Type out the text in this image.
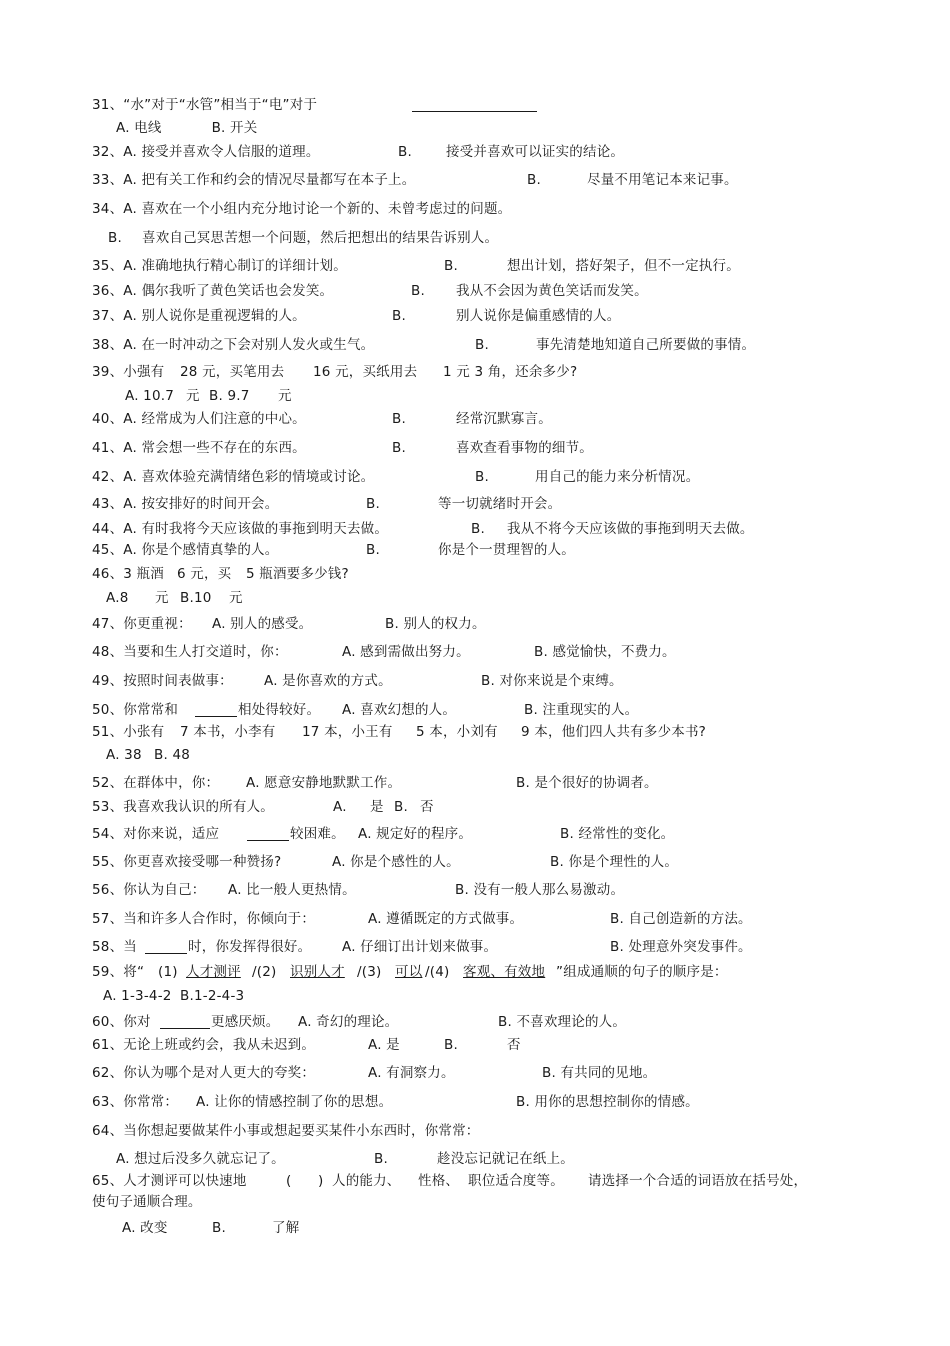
31、“水”对于“水管”相当于“电”对于
A. 电线	B. 开关
32、A. 接受并喜欢令人信服的道理。	B.	接受并喜欢可以证实的结论。
33、A. 把有关工作和约会的情况尽量都写在本子上。	B.	尽量不用笔记本来记事。
34、A. 喜欢在一个小组内充分地讨论一个新的、未曾考虑过的问题。
B. 喜欢自己冥思苦想一个问题，然后把想出的结果告诉别人。
35、A. 准确地执行精心制订的详细计划。	B.	想出计划，搭好架子，但不一定执行。
36、A. 偶尔我听了黄色笑话也会发笑。	B. 我从不会因为黄色笑话而发笑。
37、A. 别人说你是重视逻辑的人。	B.	别人说你是偏重感情的人。
38、A. 在一时冲动之下会对别人发火或生气。	B.	事先清楚地知道自己所要做的事情。
39、小强有 28 元，买笔用去 16 元，买纸用去 1 元 3 角，还余多少?
A. 10.7 元 B. 9.7 元
40、A. 经常成为人们注意的中心。	B.	经常沉默寡言。
41、A. 常会想一些不存在的东西。	B.	喜欢查看事物的细节。
42、A. 喜欢体验充满情绪色彩的情境或讨论。	B.	用自己的能力来分析情况。
43、A. 按安排好的时间开会。	B.	等一切就绪时开会。
44、A. 有时我将今天应该做的事拖到明天去做。	B. 我从不将今天应该做的事拖到明天去做。
45、A. 你是个感情真挚的人。	B.	你是个一贯理智的人。
46、3 瓶酒 6 元，买 5 瓶酒要多少钱?
A.8 元 B.10 元
47、你更重视： A. 别人的感受。	B. 别人的权力。
48、当要和生人打交道时，你：	A. 感到需做出努力。	B. 感觉愉快，不费力。
49、按照时间表做事： A. 是你喜欢的方式。	B. 对你来说是个束缚。
50、你常常和	相处得较好。 A. 喜欢幻想的人。	B. 注重现实的人。
51、小张有 7 本书，小李有 17 本，小王有 5 本，小刘有 9 本，他们四人共有多少本书?
A. 38 B. 48
52、在群体中，你： A. 愿意安静地默默工作。	B. 是个很好的协调者。
53、我喜欢我认识的所有人。	A. 是 B. 否
54、对你来说，适应	较困难。 A. 规定好的程序。	B. 经常性的变化。
55、你更喜欢接受哪一种赞扬?	A. 你是个感性的人。	B. 你是个理性的人。
56、你认为自己： A. 比一般人更热情。	B. 没有一般人那么易激动。
57、当和许多人合作时，你倾向于：	A. 遵循既定的方式做事。	B. 自己创造新的方法。
58、当	时，你发挥得很好。 A. 仔细订出计划来做事。	B. 处理意外突发事件。
59、将“ (1) 人才测评 /(2) 识别人才 /(3) 可以 /(4) 客观、有效地 ”组成通顺的句子的顺序是：
A. 1-3-4-2 B.1-2-4-3
60、你对	更感厌烦。 A. 奇幻的理论。	B. 不喜欢理论的人。
61、无论上班或约会，我从未迟到。	A. 是	B.	否
62、你认为哪个是对人更大的夸奖：	A. 有洞察力。	B. 有共同的见地。
63、你常常： A. 让你的情感控制了你的思想。	B. 用你的思想控制你的情感。
64、当你想起要做某件小事或想起要买某件小东西时，你常常：
A. 想过后没多久就忘记了。	B.	趁没忘记就记在纸上。
65、人才测评可以快速地	( ) 人的能力、 性格、 职位适合度等。 请选择一个合适的词语放在括号处，
使句子通顺合理。
A. 改变	B.	了解
